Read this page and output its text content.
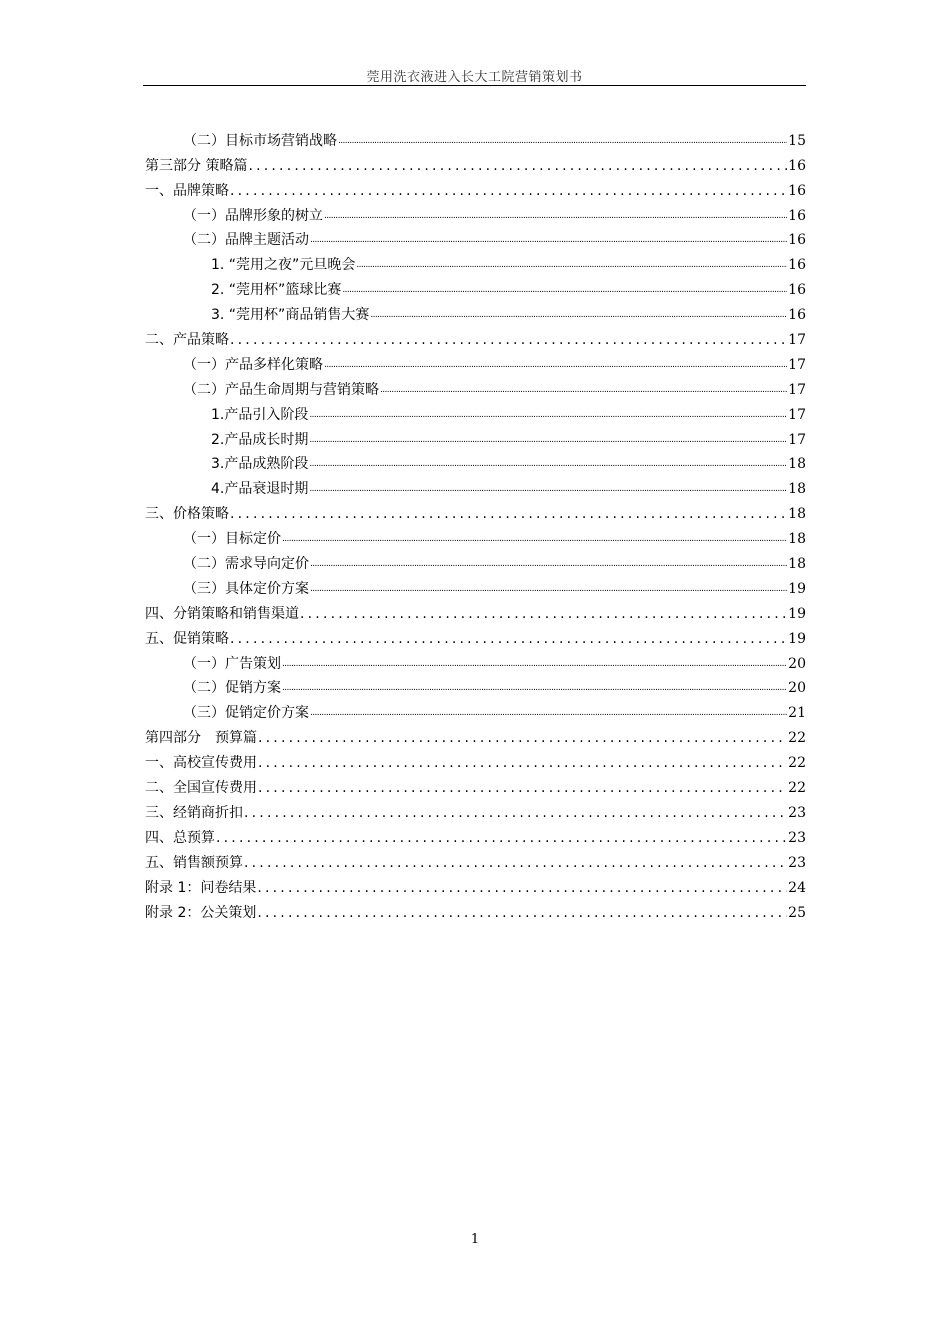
莞用洗衣液进入长大工院营销策划书
（二）目标市场营销战略 .....	15
第三部分 策略篇 .....	16
一、品牌策略 .....	16
（一）品牌形象的树立 .....	16
（二）品牌主题活动 .....	16
1. “莞用之夜”元旦晚会 .....	16
2. “莞用杯”篮球比赛 .....	16
3. “莞用杯”商品销售大赛 .....	16
二、产品策略 .....	17
（一）产品多样化策略 .....	17
（二）产品生命周期与营销策略 .....	17
1.产品引入阶段 .....	17
2.产品成长时期 .....	17
3.产品成熟阶段 .....	18
4.产品衰退时期 .....	18
三、价格策略 .....	18
（一）目标定价 .....	18
（二）需求导向定价 .....	18
（三）具体定价方案 .....	19
四、分销策略和销售渠道 .....	19
五、促销策略 .....	19
（一）广告策划 .....	20
（二）促销方案 .....	20
（三）促销定价方案 .....	21
第四部分　预算篇 .....	22
一、高校宣传费用 .....	22
二、全国宣传费用 .....	22
三、经销商折扣 .....	23
四、总预算 .....	23
五、销售额预算 .....	23
附录 1：问卷结果 .....	24
附录 2：公关策划 .....	25
1
